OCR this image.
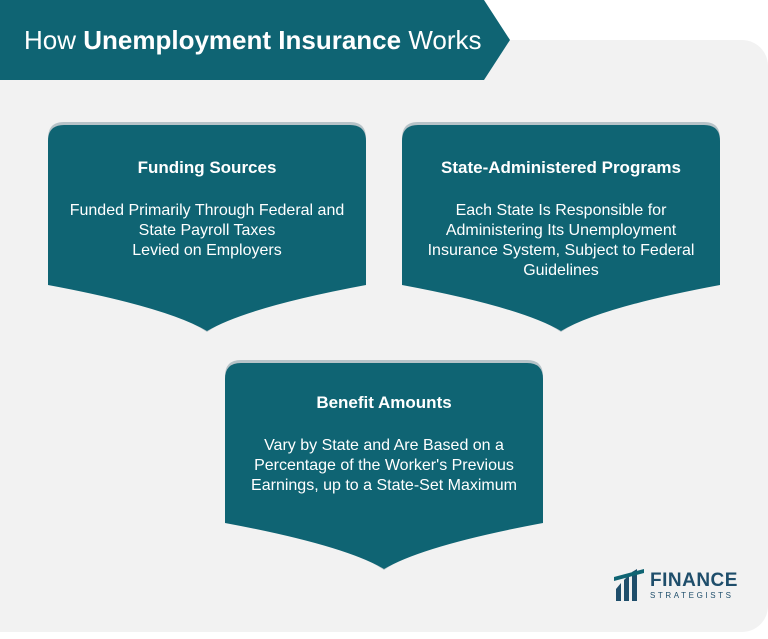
How Unemployment Insurance Works
Funding Sources
Funded Primarily Through Federal and
State Payroll Taxes
Levied on Employers
State-Administered Programs
Each State Is Responsible for
Administering Its Unemployment
Insurance System, Subject to Federal
Guidelines
Benefit Amounts
Vary by State and Are Based on a
Percentage of the Worker's Previous
Earnings, up to a State-Set Maximum
FINANCE
STRATEGISTS
